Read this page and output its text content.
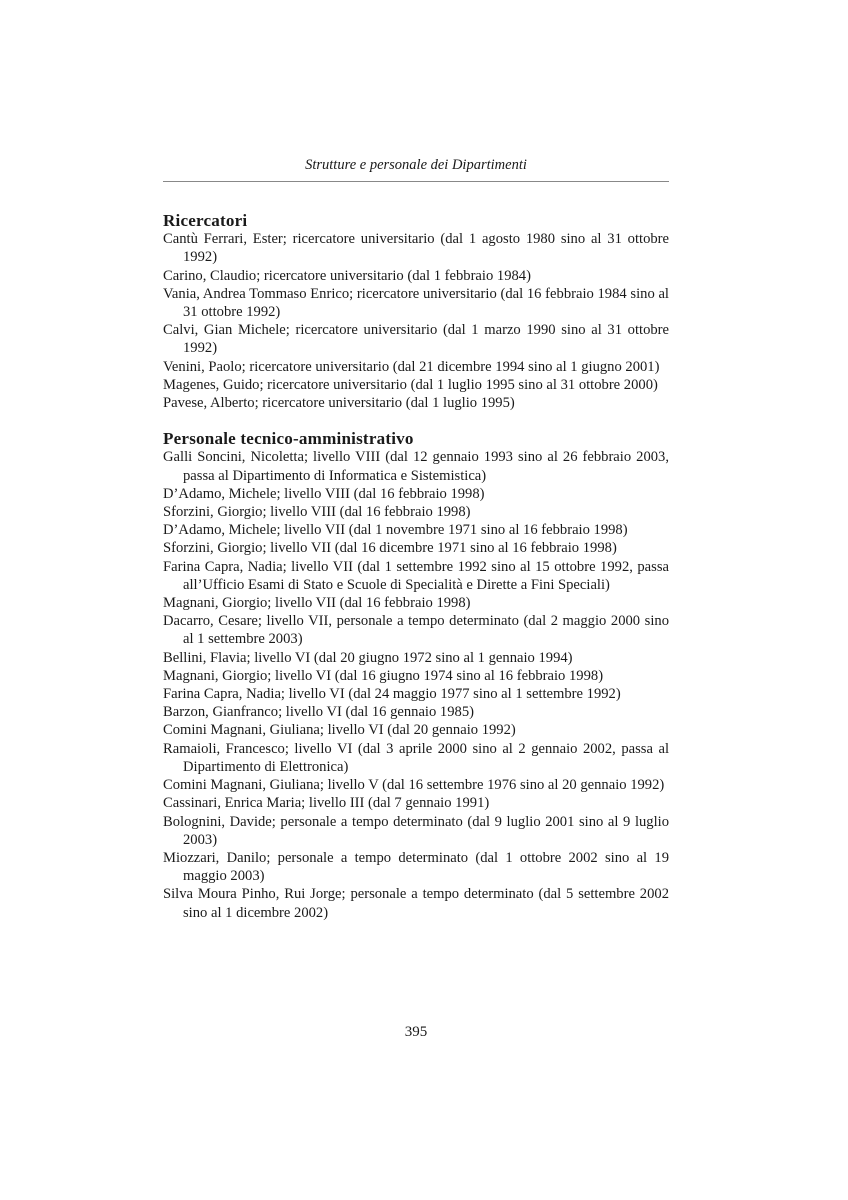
Strutture e personale dei Dipartimenti
Ricercatori

Cantù Ferrari, Ester; ricercatore universitario (dal 1 agosto 1980 sino al 31 ottobre 1992)

Carino, Claudio; ricercatore universitario (dal 1 febbraio 1984)

Vania, Andrea Tommaso Enrico; ricercatore universitario (dal 16 febbraio 1984 sino al 31 ottobre 1992)

Calvi, Gian Michele; ricercatore universitario (dal 1 marzo 1990 sino al 31 ottobre 1992)

Venini, Paolo; ricercatore universitario (dal 21 dicembre 1994 sino al 1 giugno 2001)

Magenes, Guido; ricercatore universitario (dal 1 luglio 1995 sino al 31 ottobre 2000)

Pavese, Alberto; ricercatore universitario (dal 1 luglio 1995)

Personale tecnico-amministrativo

Galli Soncini, Nicoletta; livello VIII (dal 12 gennaio 1993 sino al 26 febbraio 2003, passa al Dipartimento di Informatica e Sistemistica)

D’Adamo, Michele; livello VIII (dal 16 febbraio 1998)

Sforzini, Giorgio; livello VIII (dal 16 febbraio 1998)

D’Adamo, Michele; livello VII (dal 1 novembre 1971 sino al 16 febbraio 1998)

Sforzini, Giorgio; livello VII (dal 16 dicembre 1971 sino al 16 febbraio 1998)

Farina Capra, Nadia; livello VII (dal 1 settembre 1992 sino al 15 ottobre 1992, passa all’Ufficio Esami di Stato e Scuole di Specialità e Dirette a Fini Speciali)

Magnani, Giorgio; livello VII (dal 16 febbraio 1998)

Dacarro, Cesare; livello VII, personale a tempo determinato (dal 2 maggio 2000 sino al 1 settembre 2003)

Bellini, Flavia; livello VI (dal 20 giugno 1972 sino al 1 gennaio 1994)

Magnani, Giorgio; livello VI (dal 16 giugno 1974 sino al 16 febbraio 1998)

Farina Capra, Nadia; livello VI (dal 24 maggio 1977 sino al 1 settembre 1992)

Barzon, Gianfranco; livello VI (dal 16 gennaio 1985)

Comini Magnani, Giuliana; livello VI (dal 20 gennaio 1992)

Ramaioli, Francesco; livello VI (dal 3 aprile 2000 sino al 2 gennaio 2002, passa al Dipartimento di Elettronica)

Comini Magnani, Giuliana; livello V (dal 16 settembre 1976 sino al 20 gennaio 1992)

Cassinari, Enrica Maria; livello III (dal 7 gennaio 1991)

Bolognini, Davide; personale a tempo determinato (dal 9 luglio 2001 sino al 9 luglio 2003)

Miozzari, Danilo; personale a tempo determinato (dal 1 ottobre 2002 sino al 19 maggio 2003)

Silva Moura Pinho, Rui Jorge; personale a tempo determinato (dal 5 settembre 2002 sino al 1 dicembre 2002)

395
